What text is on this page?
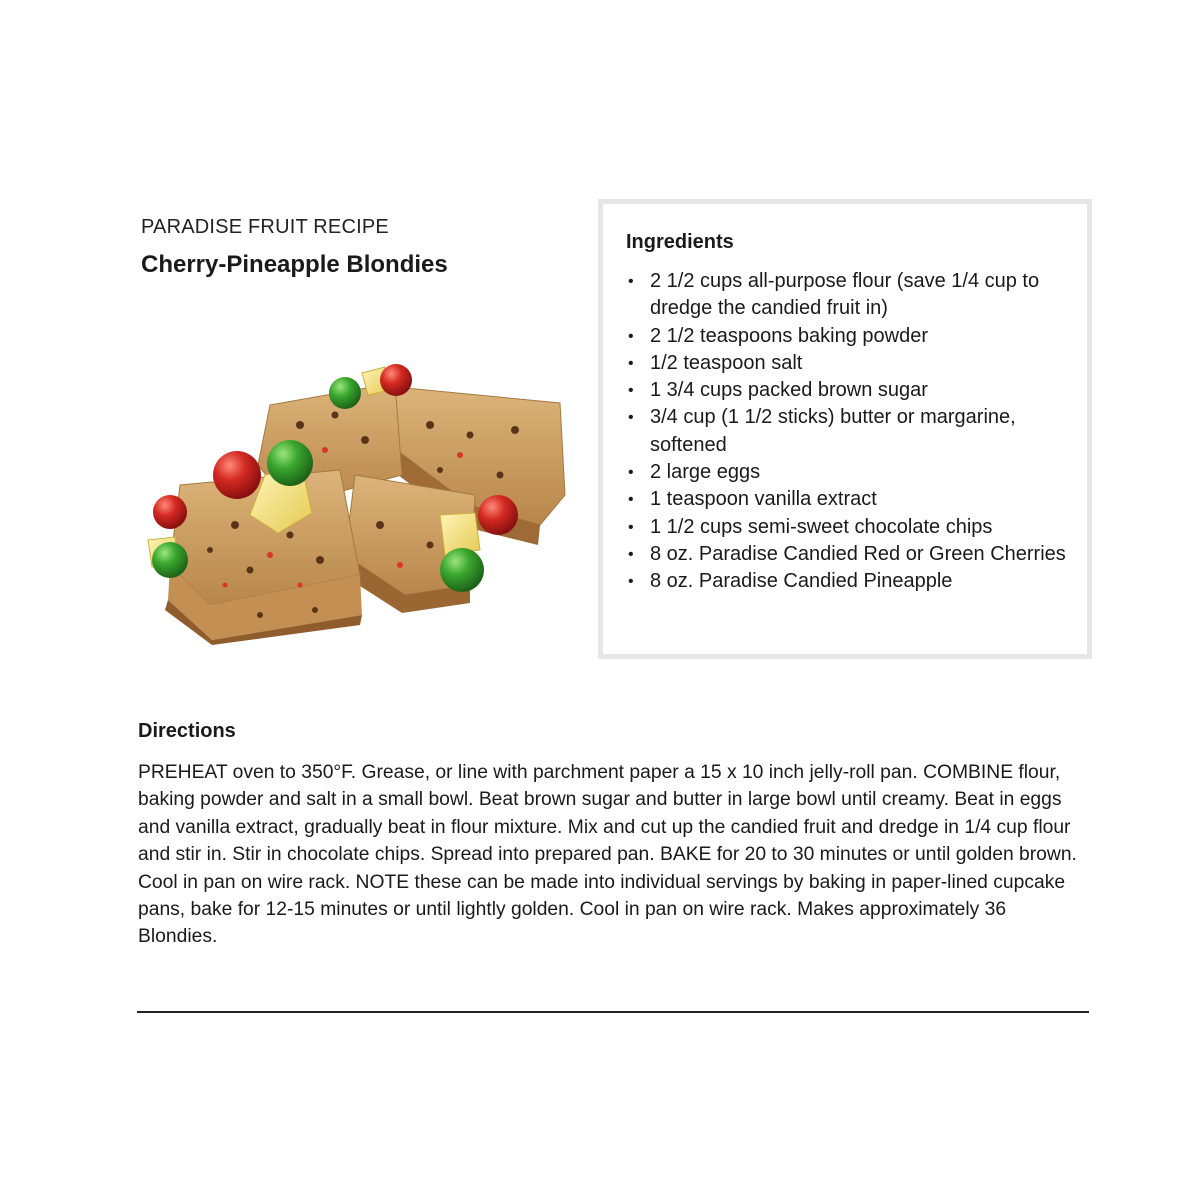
PARADISE FRUIT RECIPE
Cherry-Pineapple Blondies
Ingredients
• 2 1/2 cups all-purpose flour (save 1/4 cup to dredge the candied fruit in)
• 2 1/2 teaspoons baking powder
• 1/2 teaspoon salt
• 1 3/4 cups packed brown sugar
• 3/4 cup (1 1/2 sticks) butter or margarine, softened
• 2 large eggs
• 1 teaspoon vanilla extract
• 1 1/2 cups semi-sweet chocolate chips
• 8 oz. Paradise Candied Red or Green Cherries
• 8 oz. Paradise Candied Pineapple
Directions

PREHEAT oven to 350°F. Grease, or line with parchment paper a 15 x 10 inch jelly-roll pan. COMBINE flour, baking powder and salt in a small bowl. Beat brown sugar and butter in large bowl until creamy. Beat in eggs and vanilla extract, gradually beat in flour mixture. Mix and cut up the candied fruit and dredge in 1/4 cup flour and stir in. Stir in chocolate chips. Spread into prepared pan. BAKE for 20 to 30 minutes or until golden brown. Cool in pan on wire rack. NOTE these can be made into individual servings by baking in paper-lined cupcake pans, bake for 12-15 minutes or until lightly golden. Cool in pan on wire rack. Makes approximately 36 Blondies.
